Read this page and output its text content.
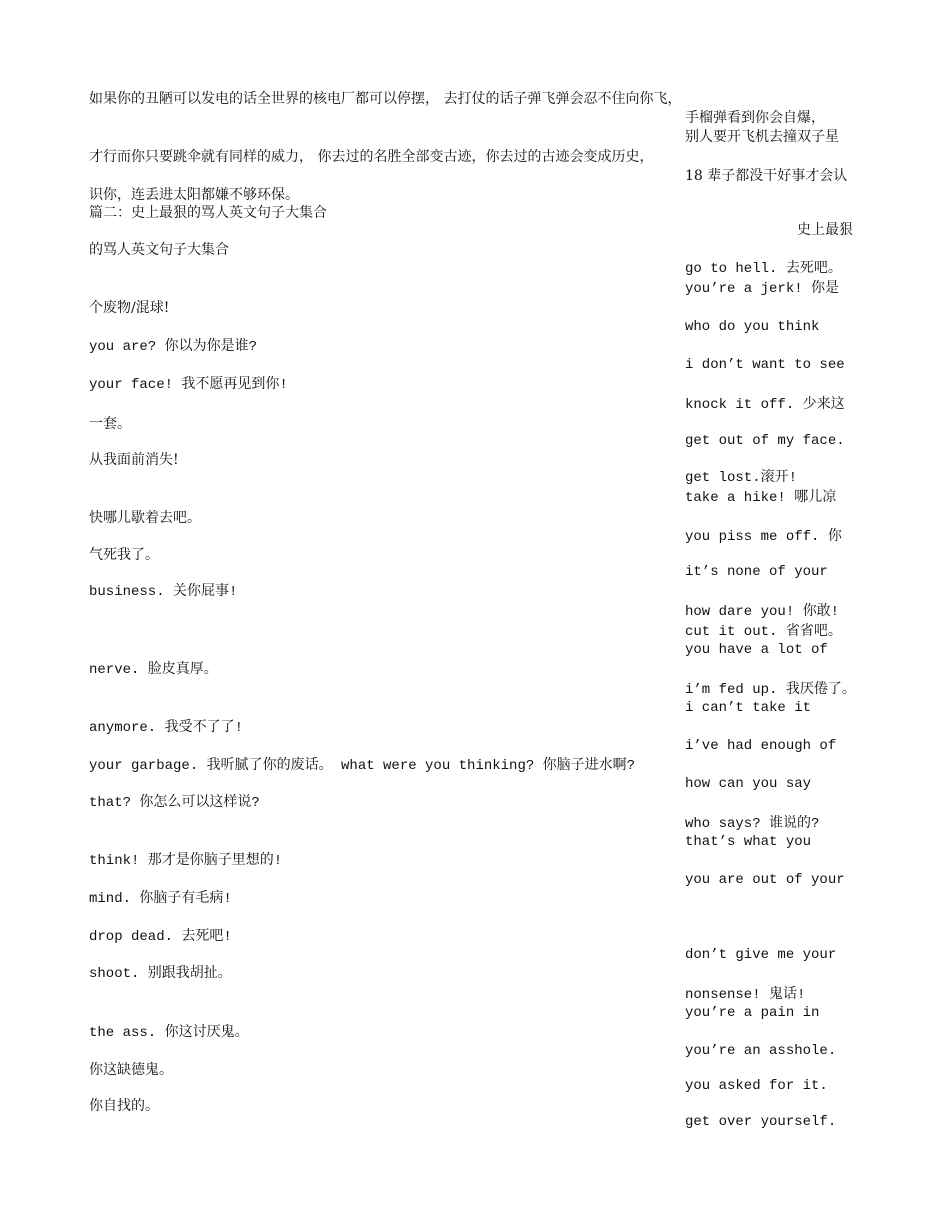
如果你的丑陋可以发电的话全世界的核电厂都可以停摆， 去打仗的话子弹飞弹会忍不住向你飞，
手榴弹看到你会自爆，
别人要开飞机去撞双子星
才行而你只要跳伞就有同样的威力， 你去过的名胜全部变古迹，你去过的古迹会变成历史，
18 辈子都没干好事才会认
识你，连丢进太阳都嫌不够环保。
篇二：史上最狠的骂人英文句子大集合
史上最狠
的骂人英文句子大集合
go to hell. 去死吧。
you’re a jerk! 你是
个废物/混球!
who do you think
you are? 你以为你是谁?
i don’t want to see
your face! 我不愿再见到你!
knock it off. 少来这
一套。
get out of my face.
从我面前消失!
get lost.滚开!
take a hike! 哪儿凉
快哪儿歇着去吧。
you piss me off. 你
气死我了。
it’s none of your
business. 关你屁事!
how dare you! 你敢!
cut it out. 省省吧。
you have a lot of
nerve. 脸皮真厚。
i’m fed up. 我厌倦了。
i can’t take it
anymore. 我受不了了!
i’ve had enough of
your garbage. 我听腻了你的废话。 what were you thinking? 你脑子进水啊?
how can you say
that? 你怎么可以这样说?
who says? 谁说的?
that’s what you
think! 那才是你脑子里想的!
you are out of your
mind. 你脑子有毛病!
drop dead. 去死吧!
don’t give me your
shoot. 别跟我胡扯。
nonsense! 鬼话!
you’re a pain in
the ass. 你这讨厌鬼。
you’re an asshole.
你这缺德鬼。
you asked for it.
你自找的。
get over yourself.
